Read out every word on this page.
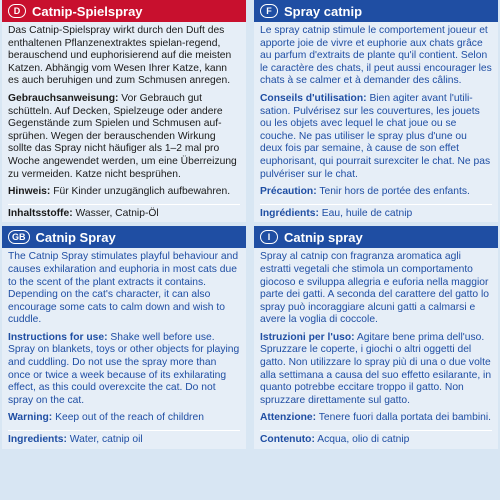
D Catnip-Spielspray

Das Catnip-Spielspray wirkt durch den Duft des enthaltenen Pflanzenextraktes spielan-regend, berauschend und euphorisierend auf die meisten Katzen. Abhängig vom Wesen Ihrer Katze, kann es auch beruhigen und zum Schmusen anregen.

Gebrauchsanweisung: Vor Gebrauch gut schütteln. Auf Decken, Spielzeuge oder andere Gegenstände zum Spielen und Schmusen auf-sprühen. Wegen der berauschenden Wirkung sollte das Spray nicht häufiger als 1–2 mal pro Woche angewendet werden, um eine Überreizung zu vermeiden. Katze nicht besprühen.

Hinweis: Für Kinder unzugänglich aufbewahren.

Inhaltsstoffe: Wasser, Catnip-Öl

GB Catnip Spray

The Catnip Spray stimulates playful behaviour and causes exhilaration and euphoria in most cats due to the scent of the plant extracts it contains. Depending on the cat's character, it can also encourage some cats to calm down and wish to cuddle.

Instructions for use: Shake well before use. Spray on blankets, toys or other objects for playing and cuddling. Do not use the spray more than once or twice a week because of its exhilarating effect, as this could overexcite the cat. Do not spray on the cat.

Warning: Keep out of the reach of children

Ingredients: Water, catnip oil

F Spray catnip

Le spray catnip stimule le comportement joueur et apporte joie de vivre et euphorie aux chats grâce au parfum d'extraits de plante qu'il contient. Selon le caractère des chats, il peut aussi encourager les chats à se calmer et à demander des câlins.

Conseils d'utilisation: Bien agiter avant l'utili-sation. Pulvérisez sur les couvertures, les jouets ou les objets avec lequel le chat joue ou se couche. Ne pas utiliser le spray plus d'une ou deux fois par semaine, à cause de son effet euphorisant, qui pourrait surexciter le chat. Ne pas pulvériser sur le chat.

Précaution: Tenir hors de portée des enfants.

Ingrédients: Eau, huile de catnip

I	Catnip spray

Spray al catnip con fragranza aromatica agli estratti vegetali che stimola un comportamento giocoso e sviluppa allegria e euforia nella maggior parte dei gatti. A seconda del carattere del gatto lo spray può incoraggiare alcuni gatti a calmarsi e avere la voglia di coccole.

Istruzioni per l'uso: Agitare bene prima dell'uso. Spruzzare le coperte, i giochi o altri oggetti del gatto. Non utilizzare lo spray più di una o due volte alla settimana a causa del suo effetto esilarante, in quanto potrebbe eccitare troppo il gatto. Non spruzzare direttamente sul gatto.

Attenzione: Tenere fuori dalla portata dei bambini.

Contenuto: Acqua, olio di catnip
